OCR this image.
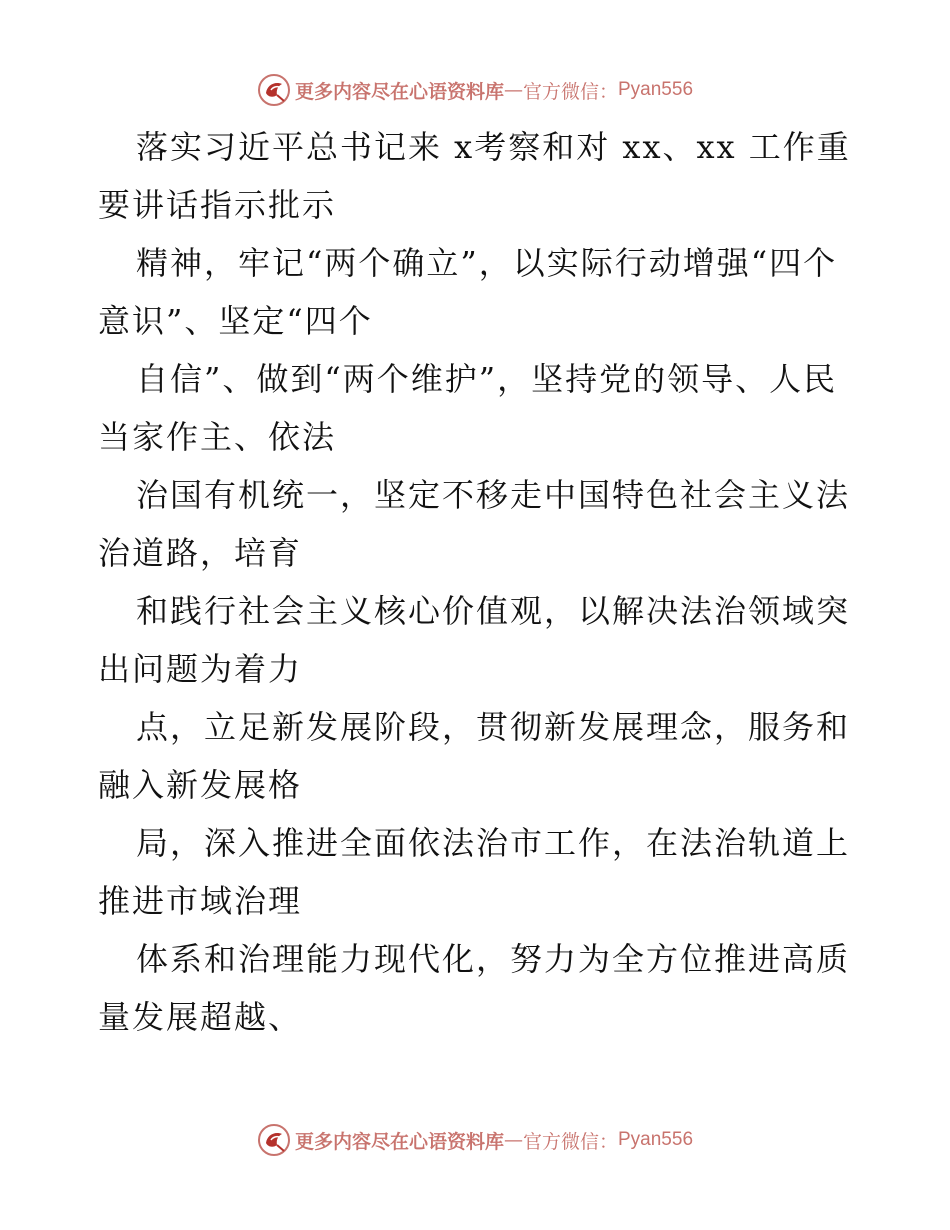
更多内容尽在心语资料库 — 官方微信： Pyan556

落实习近平总书记来 x考察和对 xx、xx 工作重要讲话指示批示

精神，牢记“两个确立”，以实际行动增强“四个意识”、坚定“四个

自信”、做到“两个维护”，坚持党的领导、人民当家作主、依法

治国有机统一，坚定不移走中国特色社会主义法治道路，培育

和践行社会主义核心价值观，以解决法治领域突出问题为着力

点，立足新发展阶段，贯彻新发展理念，服务和融入新发展格

局，深入推进全面依法治市工作，在法治轨道上推进市域治理

体系和治理能力现代化，努力为全方位推进高质量发展超越、

更多内容尽在心语资料库 — 官方微信： Pyan556
